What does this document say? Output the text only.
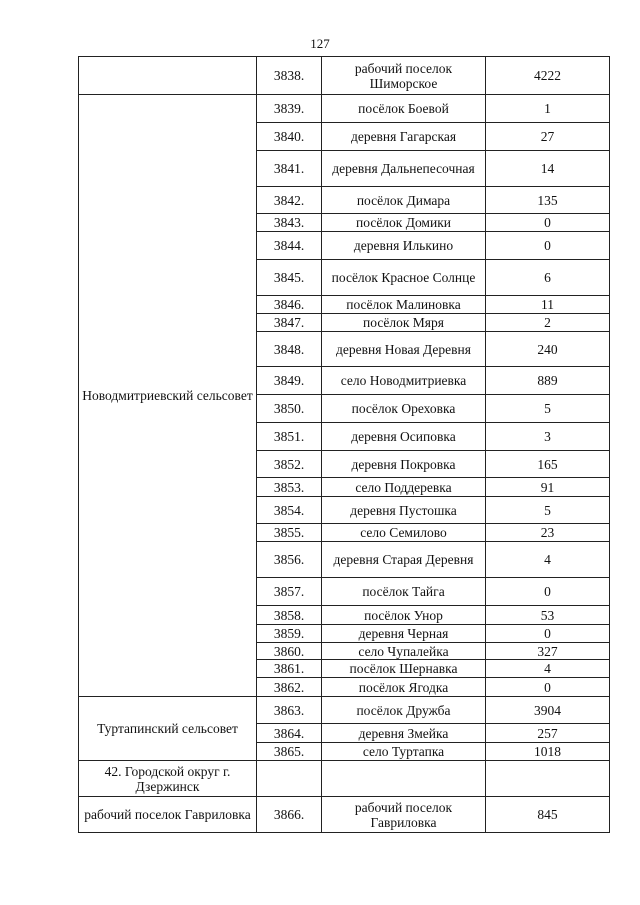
127
	3838.	рабочий поселок Шиморское	4222
Новодмитриевский сельсовет	3839.	посёлок Боевой	1
	3840.	деревня Гагарская	27
	3841.	деревня Дальнепесочная	14
	3842.	посёлок Димара	135
	3843.	посёлок Домики	0
	3844.	деревня Илькино	0
	3845.	посёлок Красное Солнце	6
	3846.	посёлок Малиновка	11
	3847.	посёлок Мяря	2
	3848.	деревня Новая Деревня	240
	3849.	село Новодмитриевка	889
	3850.	посёлок Ореховка	5
	3851.	деревня Осиповка	3
	3852.	деревня Покровка	165
	3853.	село Поддеревка	91
	3854.	деревня Пустошка	5
	3855.	село Семилово	23
	3856.	деревня Старая Деревня	4
	3857.	посёлок Тайга	0
	3858.	посёлок Унор	53
	3859.	деревня Черная	0
	3860.	село Чупалейка	327
	3861.	посёлок Шернавка	4
	3862.	посёлок Ягодка	0
Туртапинский сельсовет	3863.	посёлок Дружба	3904
	3864.	деревня Змейка	257
	3865.	село Туртапка	1018
42. Городской округ г. Дзержинск			
рабочий поселок Гавриловка	3866.	рабочий поселок Гавриловка	845
